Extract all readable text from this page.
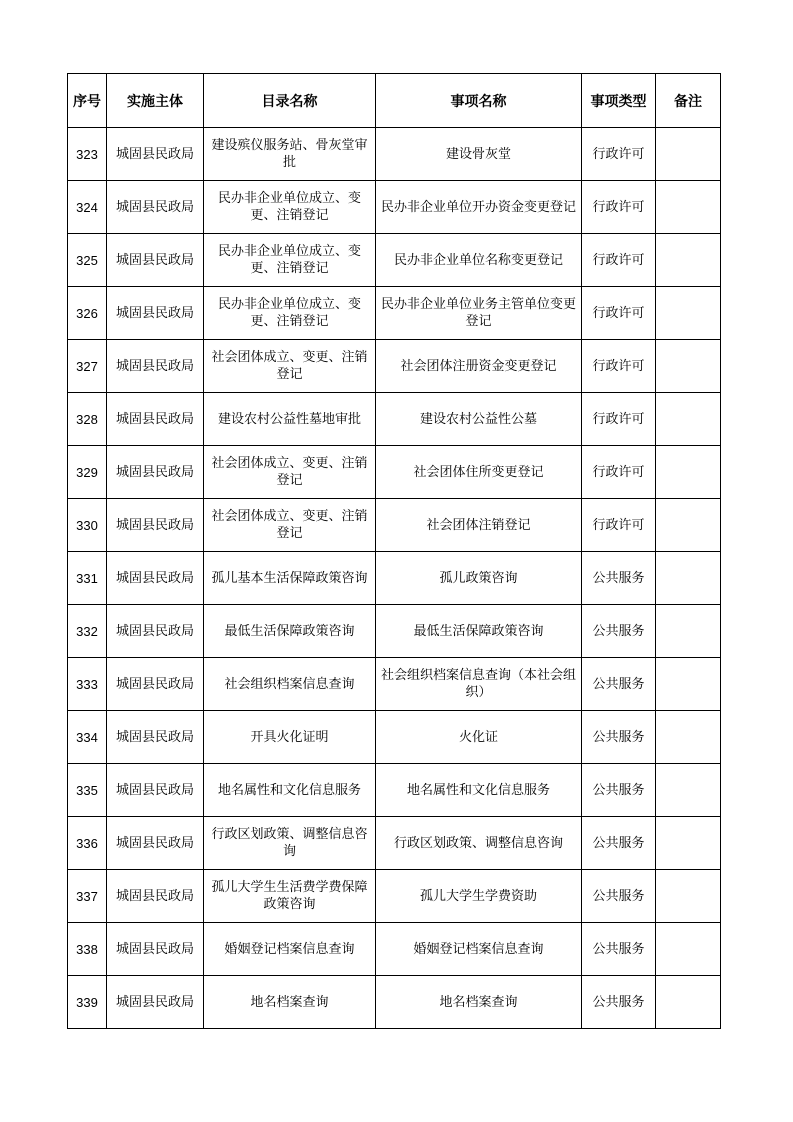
序号	实施主体	目录名称	事项名称	事项类型	备注
323	城固县民政局	建设殡仪服务站、骨灰堂审批	建设骨灰堂	行政许可	
324	城固县民政局	民办非企业单位成立、变更、注销登记	民办非企业单位开办资金变更登记	行政许可	
325	城固县民政局	民办非企业单位成立、变更、注销登记	民办非企业单位名称变更登记	行政许可	
326	城固县民政局	民办非企业单位成立、变更、注销登记	民办非企业单位业务主管单位变更登记	行政许可	
327	城固县民政局	社会团体成立、变更、注销登记	社会团体注册资金变更登记	行政许可	
328	城固县民政局	建设农村公益性墓地审批	建设农村公益性公墓	行政许可	
329	城固县民政局	社会团体成立、变更、注销登记	社会团体住所变更登记	行政许可	
330	城固县民政局	社会团体成立、变更、注销登记	社会团体注销登记	行政许可	
331	城固县民政局	孤儿基本生活保障政策咨询	孤儿政策咨询	公共服务	
332	城固县民政局	最低生活保障政策咨询	最低生活保障政策咨询	公共服务	
333	城固县民政局	社会组织档案信息查询	社会组织档案信息查询（本社会组织）	公共服务	
334	城固县民政局	开具火化证明	火化证	公共服务	
335	城固县民政局	地名属性和文化信息服务	地名属性和文化信息服务	公共服务	
336	城固县民政局	行政区划政策、调整信息咨询	行政区划政策、调整信息咨询	公共服务	
337	城固县民政局	孤儿大学生生活费学费保障政策咨询	孤儿大学生学费资助	公共服务	
338	城固县民政局	婚姻登记档案信息查询	婚姻登记档案信息查询	公共服务	
339	城固县民政局	地名档案查询	地名档案查询	公共服务	
